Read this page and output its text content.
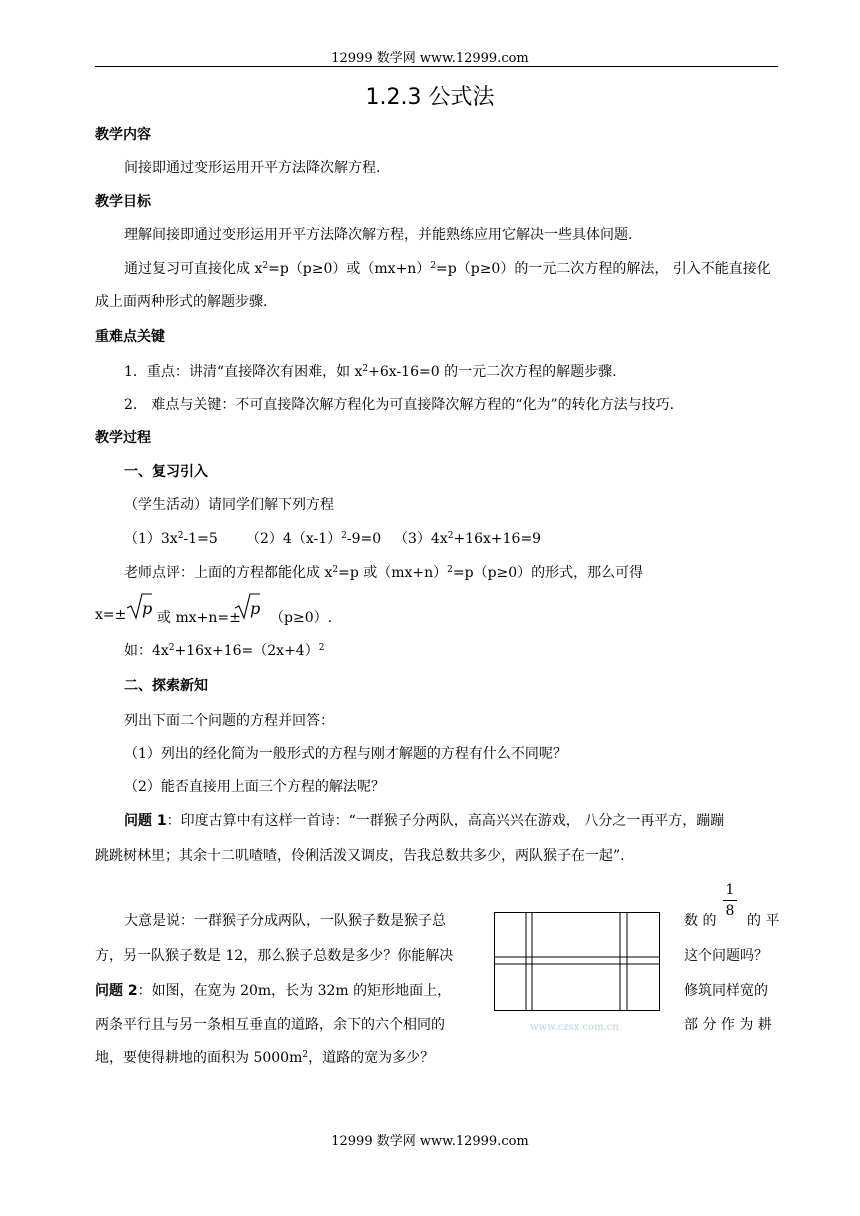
12999 数学网 www.12999.com
1.2.3 公式法
教学内容
间接即通过变形运用开平方法降次解方程.
教学目标
理解间接即通过变形运用开平方法降次解方程，并能熟练应用它解决一些具体问题.
通过复习可直接化成 $x^2=p(p\ge 0)$或$(mx+n)^2=p(p\ge 0)$的一元二次方程的解法， 引入不能直接化
成上面两种形式的解题步骤.
重难点关键
1．重点：讲清“直接降次有困难，如 $x^2+6x-16=0$ 的一元二次方程的解题步骤.
2． 难点与关键：不可直接降次解方程化为可直接降次解方程的“化为”的转化方法与技巧.
教学过程
一、复习引入
（学生活动）请同学们解下列方程
$(1)3x^2-1=5$ $(2)4(x-1)^2-9=0$ $(3)4x^2+16x+16=9$
老师点评：上面的方程都能化成 $x^2=p$ 或$(mx+n)^2=p(p\ge 0)$的形式，那么可得
x=± p 或 mx+n=± p （p≥0）.
如：$4x^2+16x+16=(2x+4)^2$
二、探索新知
列出下面二个问题的方程并回答：
（1）列出的经化简为一般形式的方程与刚才解题的方程有什么不同呢？
（2）能否直接用上面三个方程的解法呢？
问题 1：印度古算中有这样一首诗：“一群猴子分两队，高高兴兴在游戏， 八分之一再平方，蹦蹦
跳跳树林里；其余十二叽喳喳，伶俐活泼又调皮，告我总数共多少，两队猴子在一起”.
大意是说：一群猴子分成两队，一队猴子数是猴子总	数 的
1
8
的 平
方，另一队猴子数是 12，那么猴子总数是多少？你能解决	这个问题吗？
问题 2：如图，在宽为 20m，长为 32m 的矩形地面上，	修筑同样宽的
两条平行且与另一条相互垂直的道路，余下的六个相同的	部 分 作 为 耕
地，要使得耕地的面积为 $5000m^2$，道路的宽为多少？
www.czsx.com.cn
12999 数学网 www.12999.com
